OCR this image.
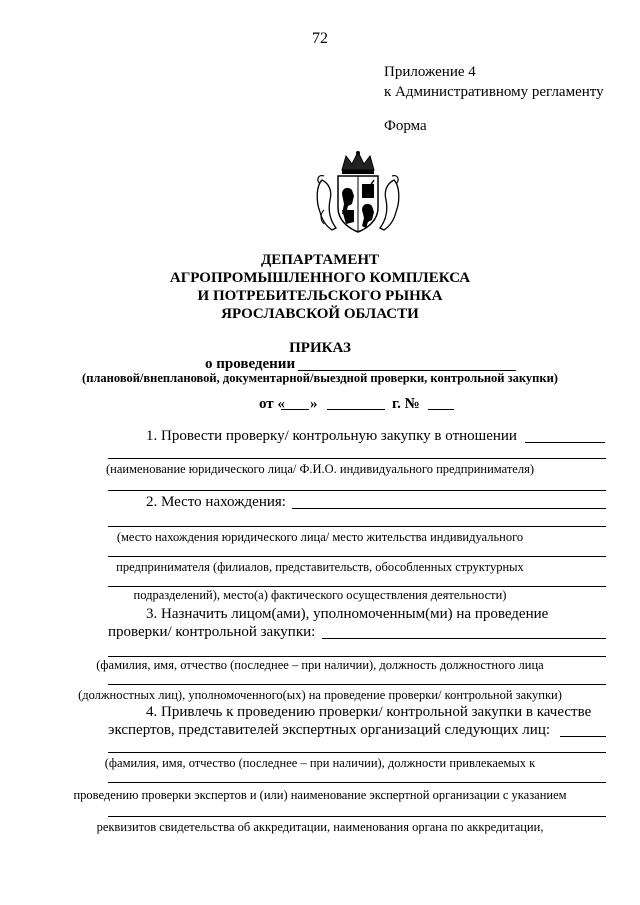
72
Приложение 4
к Административному регламенту
Форма
ДЕПАРТАМЕНТ
АГРОПРОМЫШЛЕННОГО КОМПЛЕКСА
И ПОТРЕБИТЕЛЬСКОГО РЫНКА
ЯРОСЛАВСКОЙ ОБЛАСТИ
ПРИКАЗ
о проведении
(плановой/внеплановой, документарной/выездной проверки, контрольной закупки)
от « »	г. №
1. Провести проверку/ контрольную закупку в отношении
(наименование юридического лица/ Ф.И.О. индивидуального предпринимателя)
2. Место нахождения:
(место нахождения юридического лица/ место жительства индивидуального
предпринимателя (филиалов, представительств, обособленных структурных
подразделений), место(а) фактического осуществления деятельности)
3. Назначить лицом(ами), уполномоченным(ми) на проведение
проверки/ контрольной закупки:
(фамилия, имя, отчество (последнее – при наличии), должность должностного лица
(должностных лиц), уполномоченного(ых) на проведение проверки/ контрольной закупки)
4. Привлечь к проведению проверки/ контрольной закупки в качестве
экспертов, представителей экспертных организаций следующих лиц:
(фамилия, имя, отчество (последнее – при наличии), должности привлекаемых к
проведению проверки экспертов и (или) наименование экспертной организации с указанием
реквизитов свидетельства об аккредитации, наименования органа по аккредитации,
